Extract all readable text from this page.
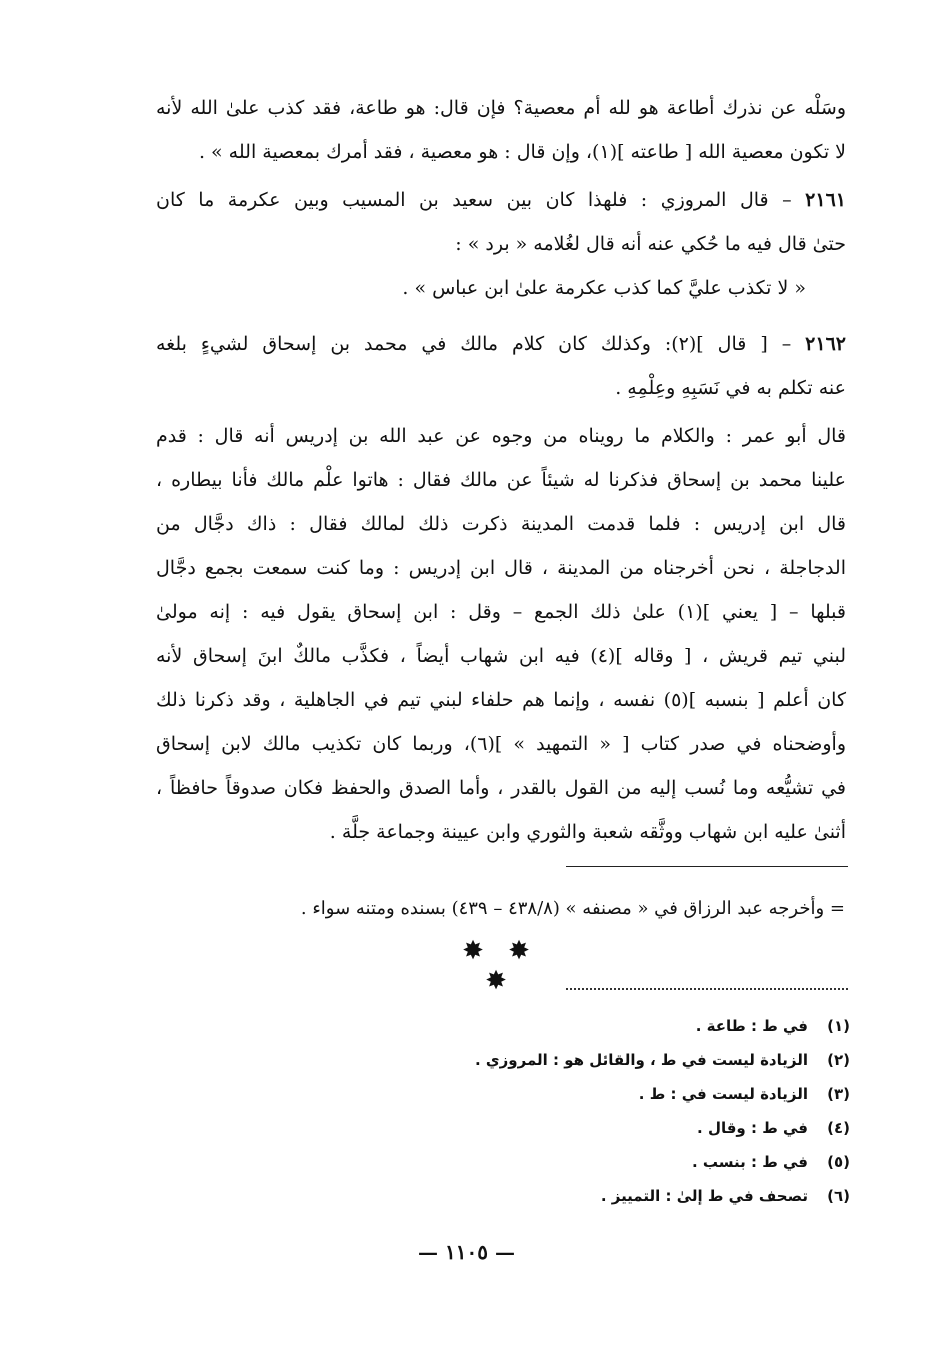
وسَلْه عن نذرك أطاعة هو لله أم معصية؟ فإن قال: هو طاعة، فقد كذب علىٰ الله لأنه
لا تكون معصية الله [ طاعته ](١)، وإن قال : هو معصية ، فقد أمرك بمعصية الله » .
٢١٦١ – قال المروزي : فلهذا كان بين سعيد بن المسيب وبين عكرمة ما كان
حتىٰ قال فيه ما حُكي عنه أنه قال لغُلامه « برد » :
« لا تكذب عليَّ كما كذب عكرمة علىٰ ابن عباس » .
٢١٦٢ – [ قال ](٢): وكذلك كان كلام مالك في محمد بن إسحاق لشيءٍ بلغه
عنه تكلم به في نَسَبِهِ وعِلْمِهِ .
قال أبو عمر : والكلام ما رويناه من وجوه عن عبد الله بن إدريس أنه قال : قدم
علينا محمد بن إسحاق فذكرنا له شيئاً عن مالك فقال : هاتوا علْم مالك فأنا بيطاره ،
قال ابن إدريس : فلما قدمت المدينة ذكرت ذلك لمالك فقال : ذاك دجَّال من
الدجاجلة ، نحن أخرجناه من المدينة ، قال ابن إدريس : وما كنت سمعت بجمع دجَّال
قبلها – [ يعني ](١) علىٰ ذلك الجمع – وقل : ابن إسحاق يقول فيه : إنه مولىٰ
لبني تيم قريش ، [ وقاله ](٤) فيه ابن شهاب أيضاً ، فكذَّب مالكٌ ابنَ إسحاق لأنه
كان أعلم [ بنسبه ](٥) نفسه ، وإنما هم حلفاء لبني تيم في الجاهلية ، وقد ذكرنا ذلك
وأوضحناه في صدر كتاب [ « التمهيد » ](٦)، وربما كان تكذيب مالك لابن إسحاق
في تشيُّعه وما نُسب إليه من القول بالقدر ، وأما الصدق والحفظ فكان صدوقاً حافظاً ،
أثنىٰ عليه ابن شهاب ووثَّقه شعبة والثوري وابن عيينة وجماعة جلَّة .
= وأخرجه عبد الرزاق في « مصنفه » (٤٣٨/٨ – ٤٣٩) بسنده ومتنه سواء .
✸ ✸ ✸
(١)في ط : طاعة .
(٢)الزيادة ليست في ط ، والقائل هو : المروزي .
(٣)الزيادة ليست في : ط .
(٤)في ط : وقال .
(٥)في ط : بنسب .
(٦)تصحف في ط إلىٰ : التمييز .
— ١١٠٥ —
